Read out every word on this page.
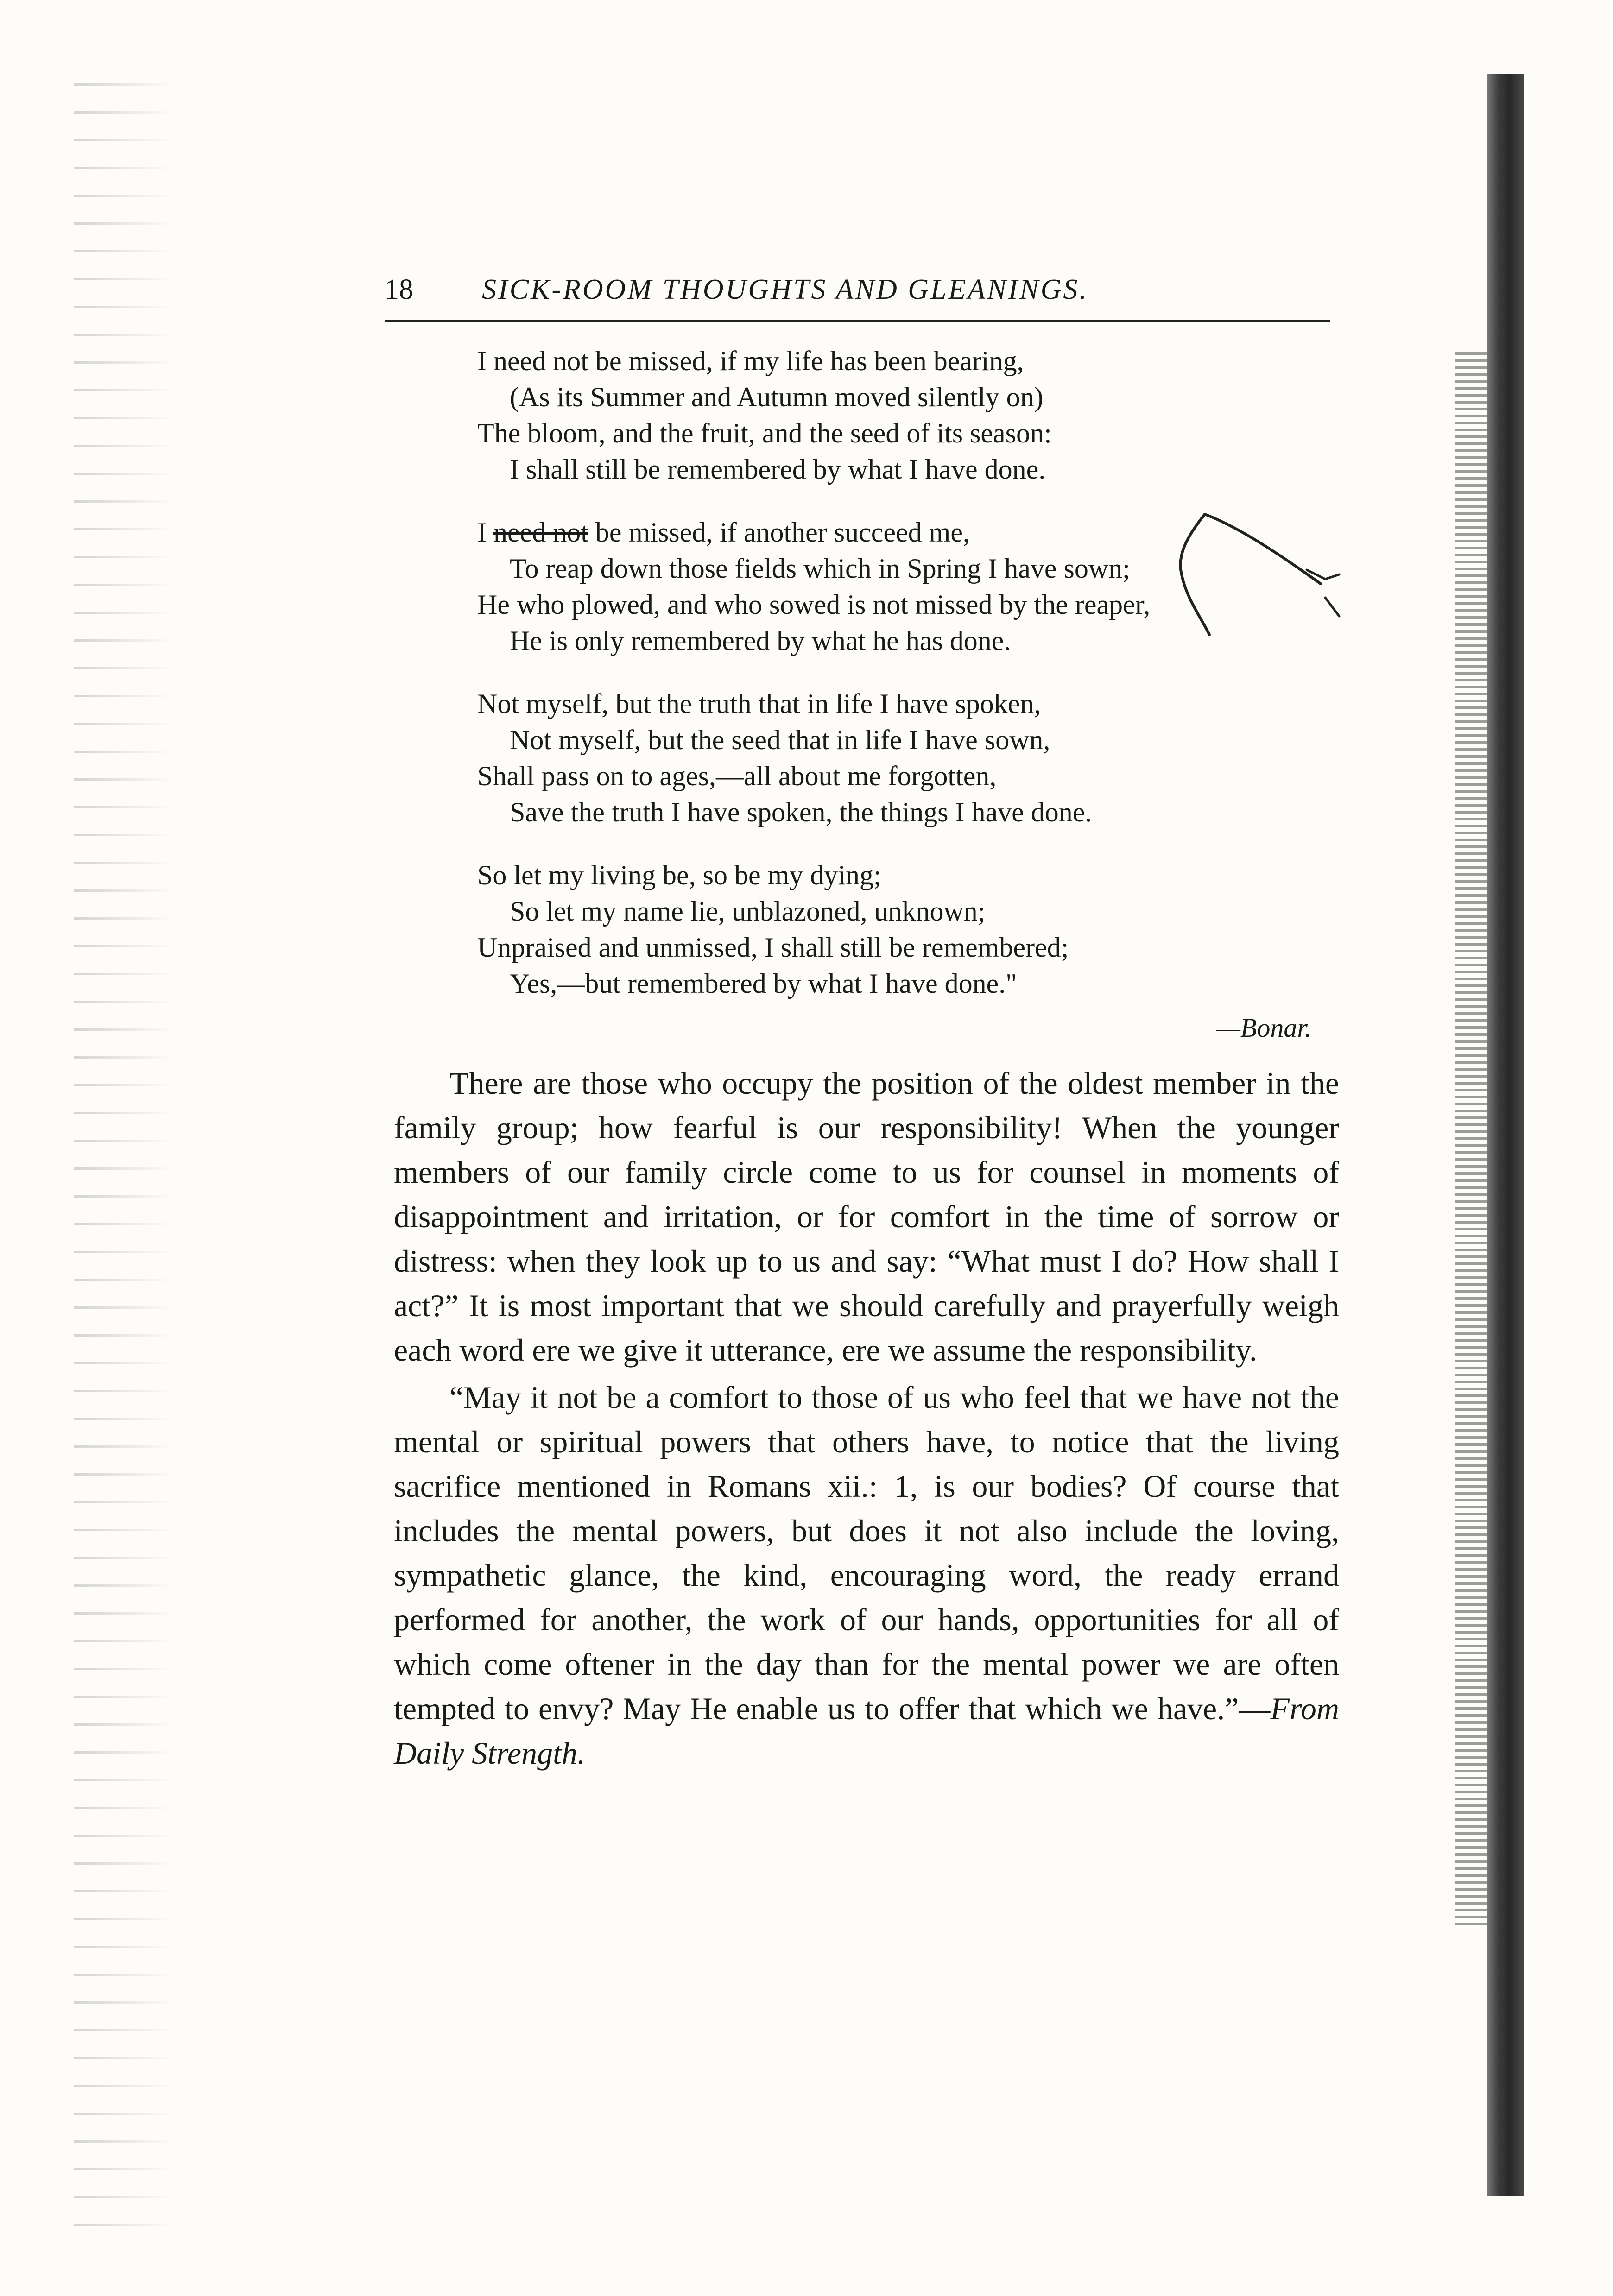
18 SICK-ROOM THOUGHTS AND GLEANINGS.
I need not be missed, if my life has been bearing,
(As its Summer and Autumn moved silently on)
The bloom, and the fruit, and the seed of its season:
I shall still be remembered by what I have done.
I need not be missed, if another succeed me,
To reap down those fields which in Spring I have sown;
He who plowed, and who sowed is not missed by the reaper,
He is only remembered by what he has done.
Not myself, but the truth that in life I have spoken,
Not myself, but the seed that in life I have sown,
Shall pass on to ages,—all about me forgotten,
Save the truth I have spoken, the things I have done.
So let my living be, so be my dying;
So let my name lie, unblazoned, unknown;
Unpraised and unmissed, I shall still be remembered;
Yes,—but remembered by what I have done."
—Bonar.

There are those who occupy the position of the oldest member in the family group; how fearful is our responsibility! When the younger members of our family circle come to us for counsel in moments of disappointment and irritation, or for comfort in the time of sorrow or distress: when they look up to us and say: “What must I do? How shall I act?” It is most important that we should carefully and prayerfully weigh each word ere we give it utterance, ere we assume the responsibility.

“May it not be a comfort to those of us who feel that we have not the mental or spiritual powers that others have, to notice that the living sacrifice mentioned in Romans xii.: 1, is our bodies? Of course that includes the mental powers, but does it not also include the loving, sympathetic glance, the kind, encouraging word, the ready errand performed for another, the work of our hands, opportunities for all of which come oftener in the day than for the mental power we are often tempted to envy? May He enable us to offer that which we have.”—From Daily Strength.
